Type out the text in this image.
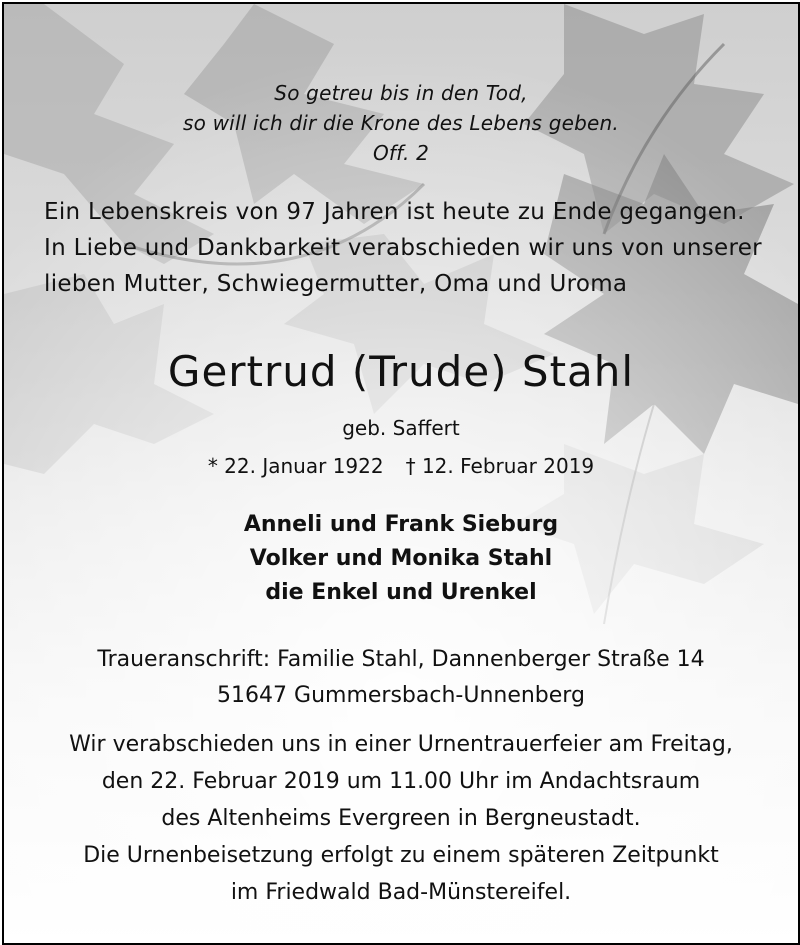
So getreu bis in den Tod,
so will ich dir die Krone des Lebens geben.
Off. 2
Ein Lebenskreis von 97 Jahren ist heute zu Ende gegangen.
In Liebe und Dankbarkeit verabschieden wir uns von unserer
lieben Mutter, Schwiegermutter, Oma und Uroma
Gertrud (Trude) Stahl
geb. Saffert
* 22. Januar 1922 † 12. Februar 2019
Anneli und Frank Sieburg
Volker und Monika Stahl
die Enkel und Urenkel
Traueranschrift: Familie Stahl, Dannenberger Straße 14
51647 Gummersbach-Unnenberg
Wir verabschieden uns in einer Urnentrauerfeier am Freitag,
den 22. Februar 2019 um 11.00 Uhr im Andachtsraum
des Altenheims Evergreen in Bergneustadt.
Die Urnenbeisetzung erfolgt zu einem späteren Zeitpunkt
im Friedwald Bad-Münstereifel.
